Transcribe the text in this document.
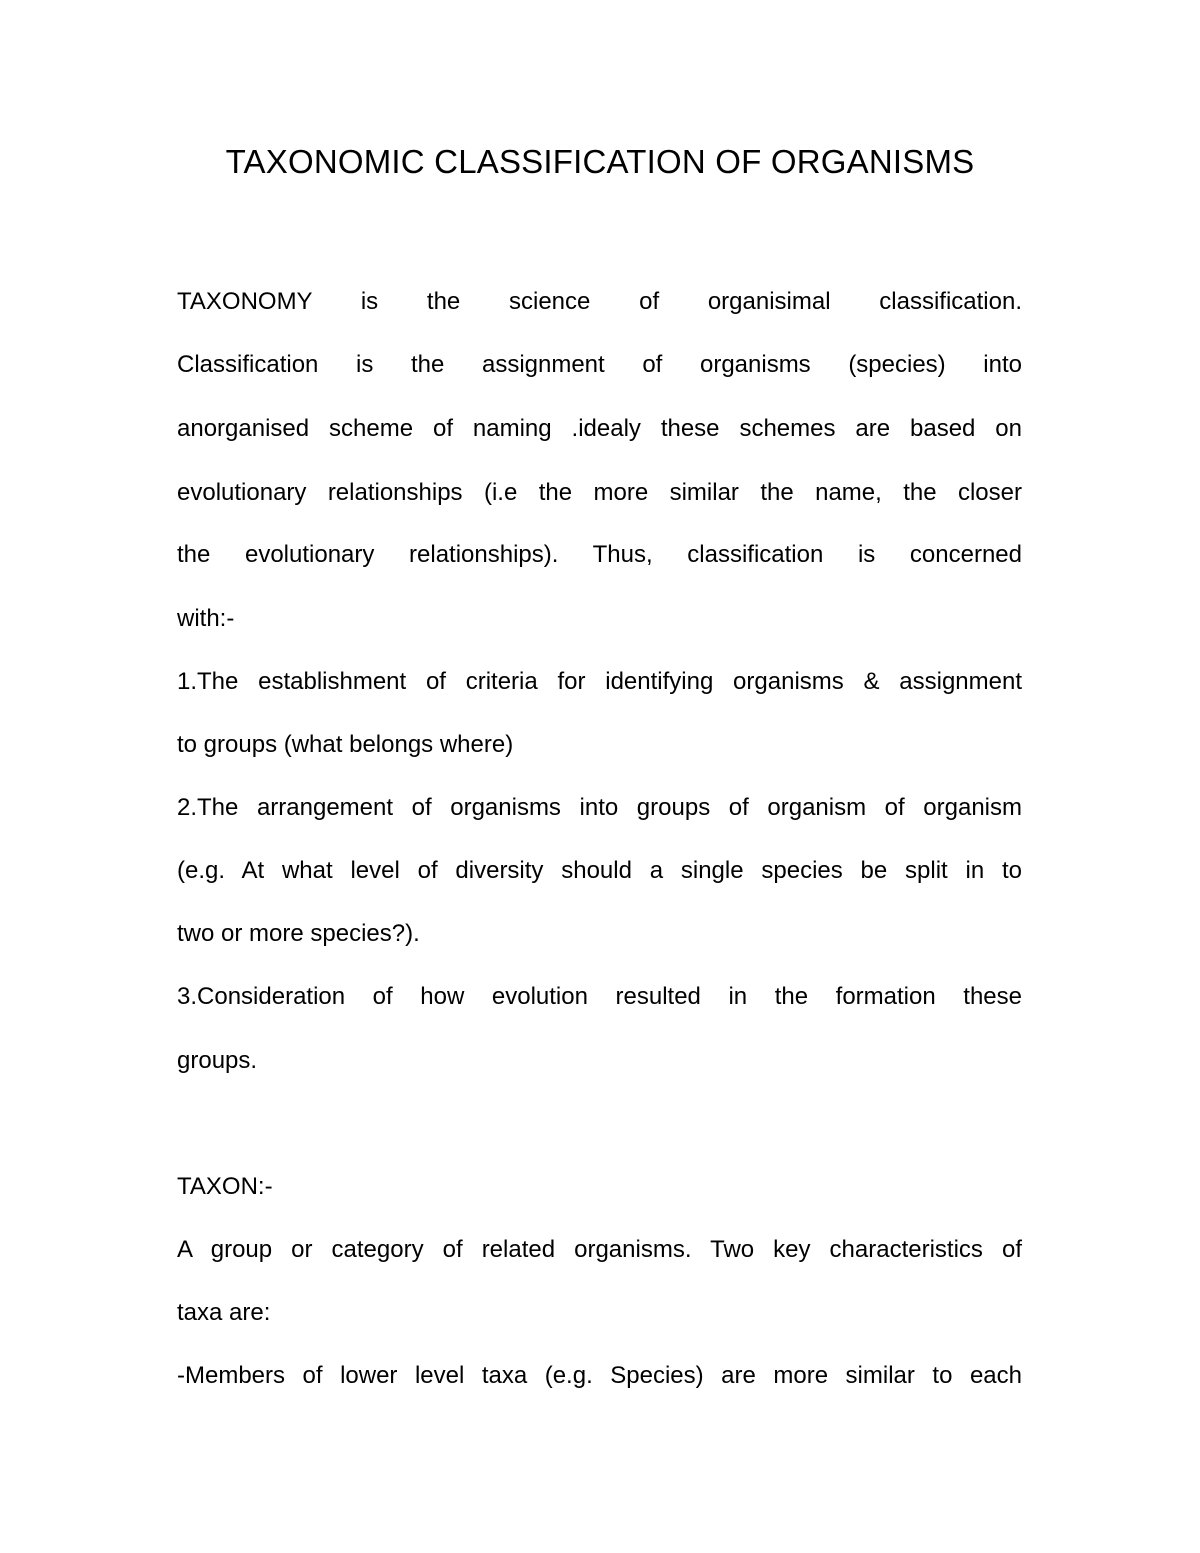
TAXONOMIC CLASSIFICATION OF ORGANISMS

TAXONOMY is the science of organisimal classification.

Classification is the assignment of organisms (species) into

anorganised scheme of naming .idealy these schemes are based on

evolutionary relationships (i.e the more similar the name, the closer

the evolutionary relationships). Thus, classification is concerned

with:-

1.The establishment of criteria for identifying organisms & assignment

to groups (what belongs where)

2.The arrangement of organisms into groups of organism of organism

(e.g. At what level of diversity should a single species be split in to

two or more species?).

3.Consideration of how evolution resulted in the formation these

groups.

TAXON:-

A group or category of related organisms. Two key characteristics of

taxa are:

-Members of lower level taxa (e.g. Species) are more similar to each
